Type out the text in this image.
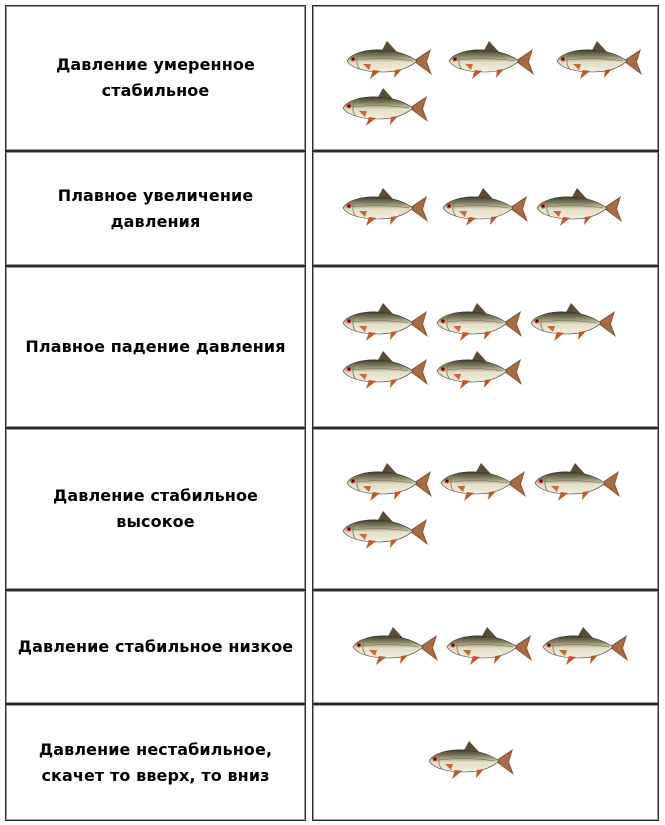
Давление умеренное стабильное
Плавное увеличение давления
Плавное падение давления
Давление стабильное высокое
Давление стабильное низкое
Давление нестабильное, скачет то вверх, то вниз
